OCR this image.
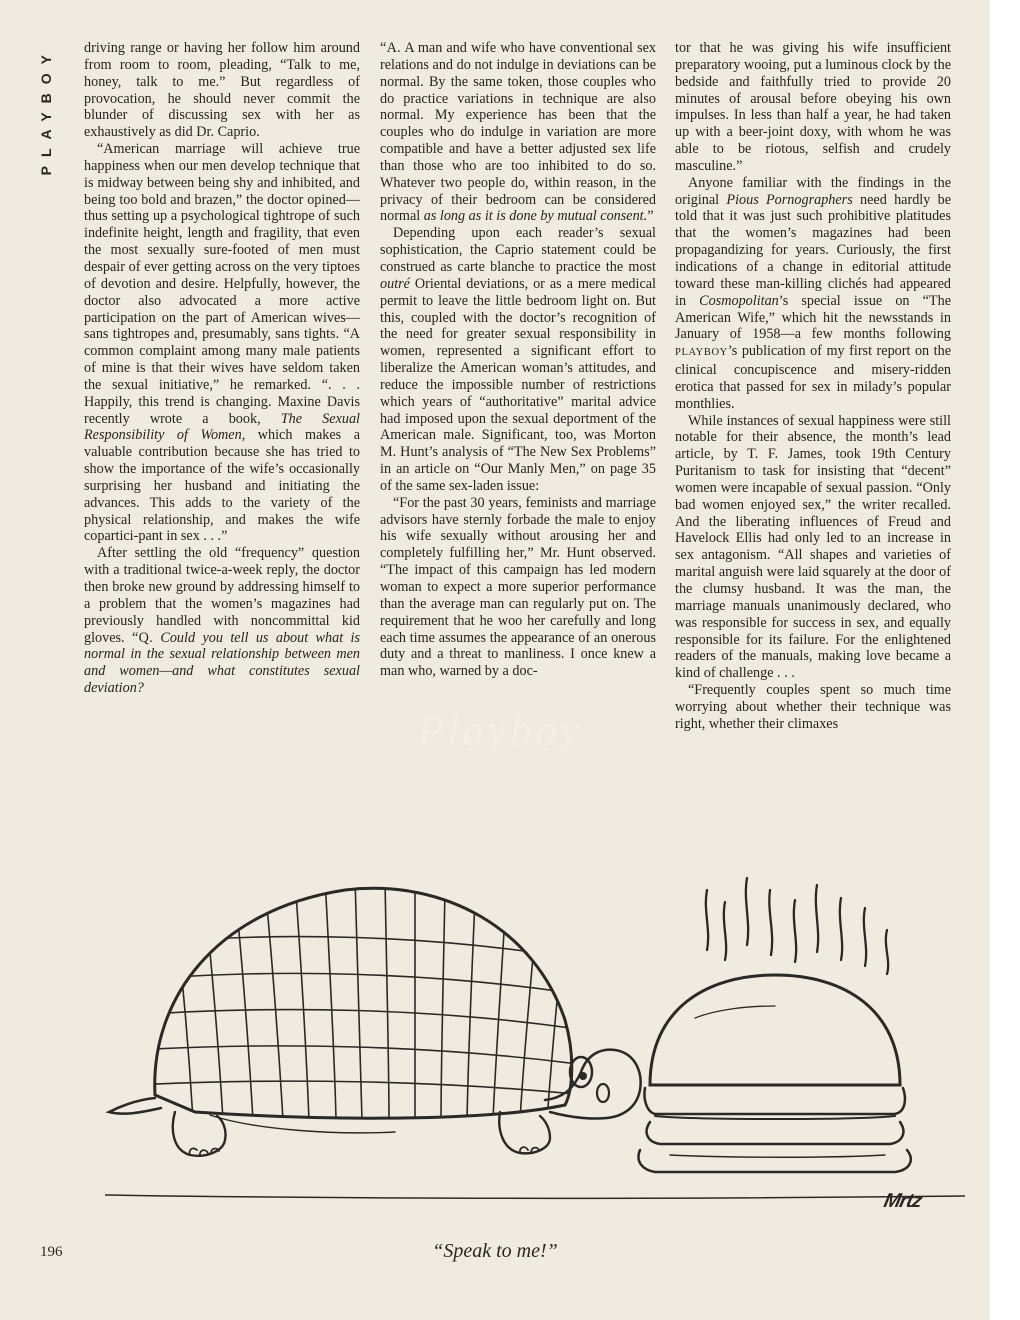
PLAYBOY	driving range or having her follow him around from room to room, pleading, “Talk to me, honey, talk to me.” But regardless of provocation, he should never commit the blunder of discussing sex with her as exhaustively as did Dr. Caprio.

“American marriage will achieve true happiness when our men develop technique that is midway between being shy and inhibited, and being too bold and brazen,” the doctor opined—thus setting up a psychological tightrope of such indefinite height, length and fragility, that even the most sexually sure-footed of men must despair of ever getting across on the very tiptoes of devotion and desire. Helpfully, however, the doctor also advocated a more active participation on the part of American wives—sans tightropes and, presumably, sans tights. “A common complaint among many male patients of mine is that their wives have seldom taken the sexual initiative,” he remarked. “. . . Happily, this trend is changing. Maxine Davis recently wrote a book, The Sexual Responsibility of Women, which makes a valuable contribution because she has tried to show the importance of the wife’s occasionally surprising her husband and initiating the advances. This adds to the variety of the physical relationship, and makes the wife copartici-pant in sex . . .”

After settling the old “frequency” question with a traditional twice-a-week reply, the doctor then broke new ground by addressing himself to a problem that the women’s magazines had previously handled with noncommittal kid gloves. “Q. Could you tell us about what is normal in the sexual relationship between men and women—and what constitutes sexual deviation?

“A. A man and wife who have conventional sex relations and do not indulge in deviations can be normal. By the same token, those couples who do practice variations in technique are also normal. My experience has been that the couples who do indulge in variation are more compatible and have a better adjusted sex life than those who are too inhibited to do so. Whatever two people do, within reason, in the privacy of their bedroom can be considered normal as long as it is done by mutual consent.”

Depending upon each reader’s sexual sophistication, the Caprio statement could be construed as carte blanche to practice the most outré Oriental deviations, or as a mere medical permit to leave the little bedroom light on. But this, coupled with the doctor’s recognition of the need for greater sexual responsibility in women, represented a significant effort to liberalize the American woman’s attitudes, and reduce the impossible number of restrictions which years of “authoritative” marital advice had imposed upon the sexual deportment of the American male. Significant, too, was Morton M. Hunt’s analysis of “The New Sex Problems” in an article on “Our Manly Men,” on page 35 of the same sex-laden issue:

“For the past 30 years, feminists and marriage advisors have sternly forbade the male to enjoy his wife sexually without arousing her and completely fulfilling her,” Mr. Hunt observed. “The impact of this campaign has led modern woman to expect a more superior performance than the average man can regularly put on. The requirement that he woo her carefully and long each time assumes the appearance of an onerous duty and a threat to manliness. I once knew a man who, warned by a doc-

tor that he was giving his wife insufficient preparatory wooing, put a luminous clock by the bedside and faithfully tried to provide 20 minutes of arousal before obeying his own impulses. In less than half a year, he had taken up with a beer-joint doxy, with whom he was able to be riotous, selfish and crudely masculine.”

Anyone familiar with the findings in the original Pious Pornographers need hardly be told that it was just such prohibitive platitudes that the women’s magazines had been propagandizing for years. Curiously, the first indications of a change in editorial attitude toward these man-killing clichés had appeared in Cosmopolitan’s special issue on “The American Wife,” which hit the newsstands in January of 1958—a few months following PLAYBOY’s publication of my first report on the clinical concupiscence and misery-ridden erotica that passed for sex in milady’s popular monthlies.

While instances of sexual happiness were still notable for their absence, the month’s lead article, by T. F. James, took 19th Century Puritanism to task for insisting that “decent” women were incapable of sexual passion. “Only bad women enjoyed sex,” the writer recalled. And the liberating influences of Freud and Havelock Ellis had only led to an increase in sex antagonism. “All shapes and varieties of marital anguish were laid squarely at the door of the clumsy husband. It was the man, the marriage manuals unanimously declared, who was responsible for success in sex, and equally responsible for its failure. For the enlightened readers of the manuals, making love became a kind of challenge . . .

“Frequently couples spent so much time worrying about whether their technique was right, whether their climaxes

Playboy
Mrtz
196	“Speak to me!”
